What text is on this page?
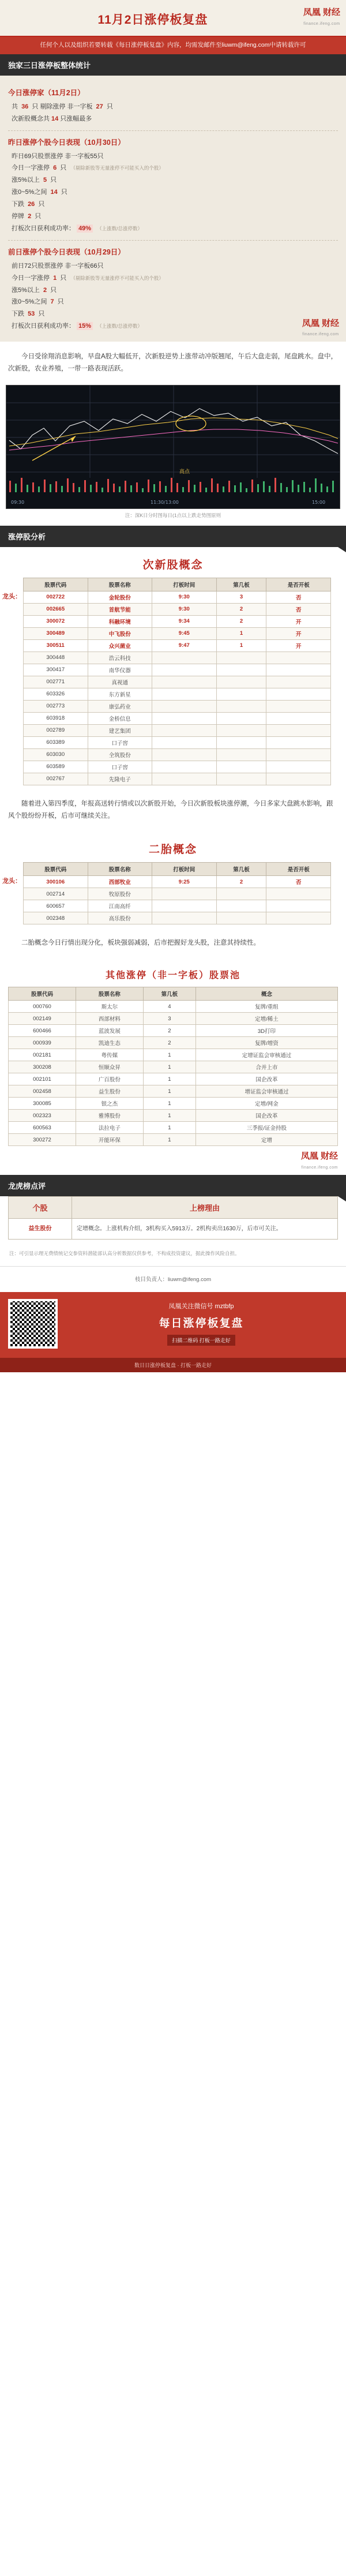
11月2日涨停板复盘
凤凰 财经
finance.ifeng.com
任何个人以及组织若要转载《每日涨停板复盘》内容，均需发邮件至liuwm@ifeng.com中请转载许可
独家三日涨停板整体统计
今日涨停家（11月2日）
共 36 只 剔除涨停 非一字板 27 只
次新股概念共 14 只涨幅最多
昨日涨停个股今日表现（10月30日）
昨日69只股票涨停 非一字板55只
今日一字涨停 6 只 （剔除新股等无量涨停不可能买入的个股）
涨5%以上 5 只
涨0~5%之间 14 只
下跌 26 只
停牌 2 只
打板次日获利成功率： 49% （上涨数/总涨停数）
前日涨停个股今日表现（10月29日）
前日72只股票涨停 非一字板66只
今日一字涨停 1 只 （剔除新股等无量涨停不可能买入的个股）
涨5%以上 2 只
涨0~5%之间 7 只
下跌 53 只
打板次日获利成功率： 15% （上涨数/总涨停数）	凤凰 财经
finance.ifeng.com
今日受徐翔消息影响，早盘A股大幅低开，次新股逆势上涨带动冲版翘尾，午后大盘走弱，尾盘跳水。盘中，次新股，农业养殖，一带一路表现活跃。
高点
09:30	11:30/13:00	15:00
注：深K日分时图每日(1点以上跌走势图原则
涨停股分析
次新股概念
龙头：
股票代码	股票名称	打板时间	第几板	是否开板
002722	金轮股份	9:30	3	否
002665	首航节能	9:30	2	否
300072	科融环境	9:34	2	开
300489	中飞股份	9:45	1	开
300511	众兴菌业	9:47	1	开
300448	浩云科技			
300417	南华仪器			
002771	真视通			
603326	东方新星			
002773	康弘药业			
603918	金桥信息			
002789	建艺集团			
603389	口子窖			
603030	全筑股份			
603589	口子窖			
002767	先隆电子			
随着进入第四季度，年报高送转行情或以次新股开始，今日次新股板块涨停潮，今日多家大盘跳水影响，跟风个股纷纷开板，后市可继续关注。
二胎概念
龙头：
股票代码	股票名称	打板时间	第几板	是否开板
300106	西部牧业	9:25	2	否
002714	牧原股份			
600657	江南高纤			
002348	高乐股份			
二胎概念今日行情出现分化，板块强弱减弱，后市把握好龙头股，注意其持续性。
其他涨停（非一字板）股票池
股票代码	股票名称	第几板	概念
000760	斯太尔	4	复牌/重组
002149	西部材料	3	定增/稀土
600466	蓝波发展	2	3D打印
000939	凯迪生态	2	复牌/增资
002181	粤传媒	1	定增证监会审核通过
300208	恒顺众昇	1	合并上市
002101	广百股份	1	国企改革
002458	益生股份	1	增证监会审核通过
300085	银之杰	1	定增/网金
002323	雅博股份	1	国企改革
600563	法拉电子	1	三季报/证金持股
300272	开能环保	1	定增
凤凰 财经
finance.ifeng.com
龙虎榜点评
个股	上榜理由
益生股份	定增概念。上涨机构介绍，3机构买入5913万。2机构卖出1630万，后市可关注。
注：可引显示理无费绩统记交参资料潜能部认高分析数据仅供参考，不构成投资建议，据此操作风险自担。
枝目负责人：liuwm@ifeng.com
凤凰关注微信号 mztbfp
每日涨停板复盘
扫描二维码 打板一路走好
数日日涨停板复盘 · 打板一路走好
